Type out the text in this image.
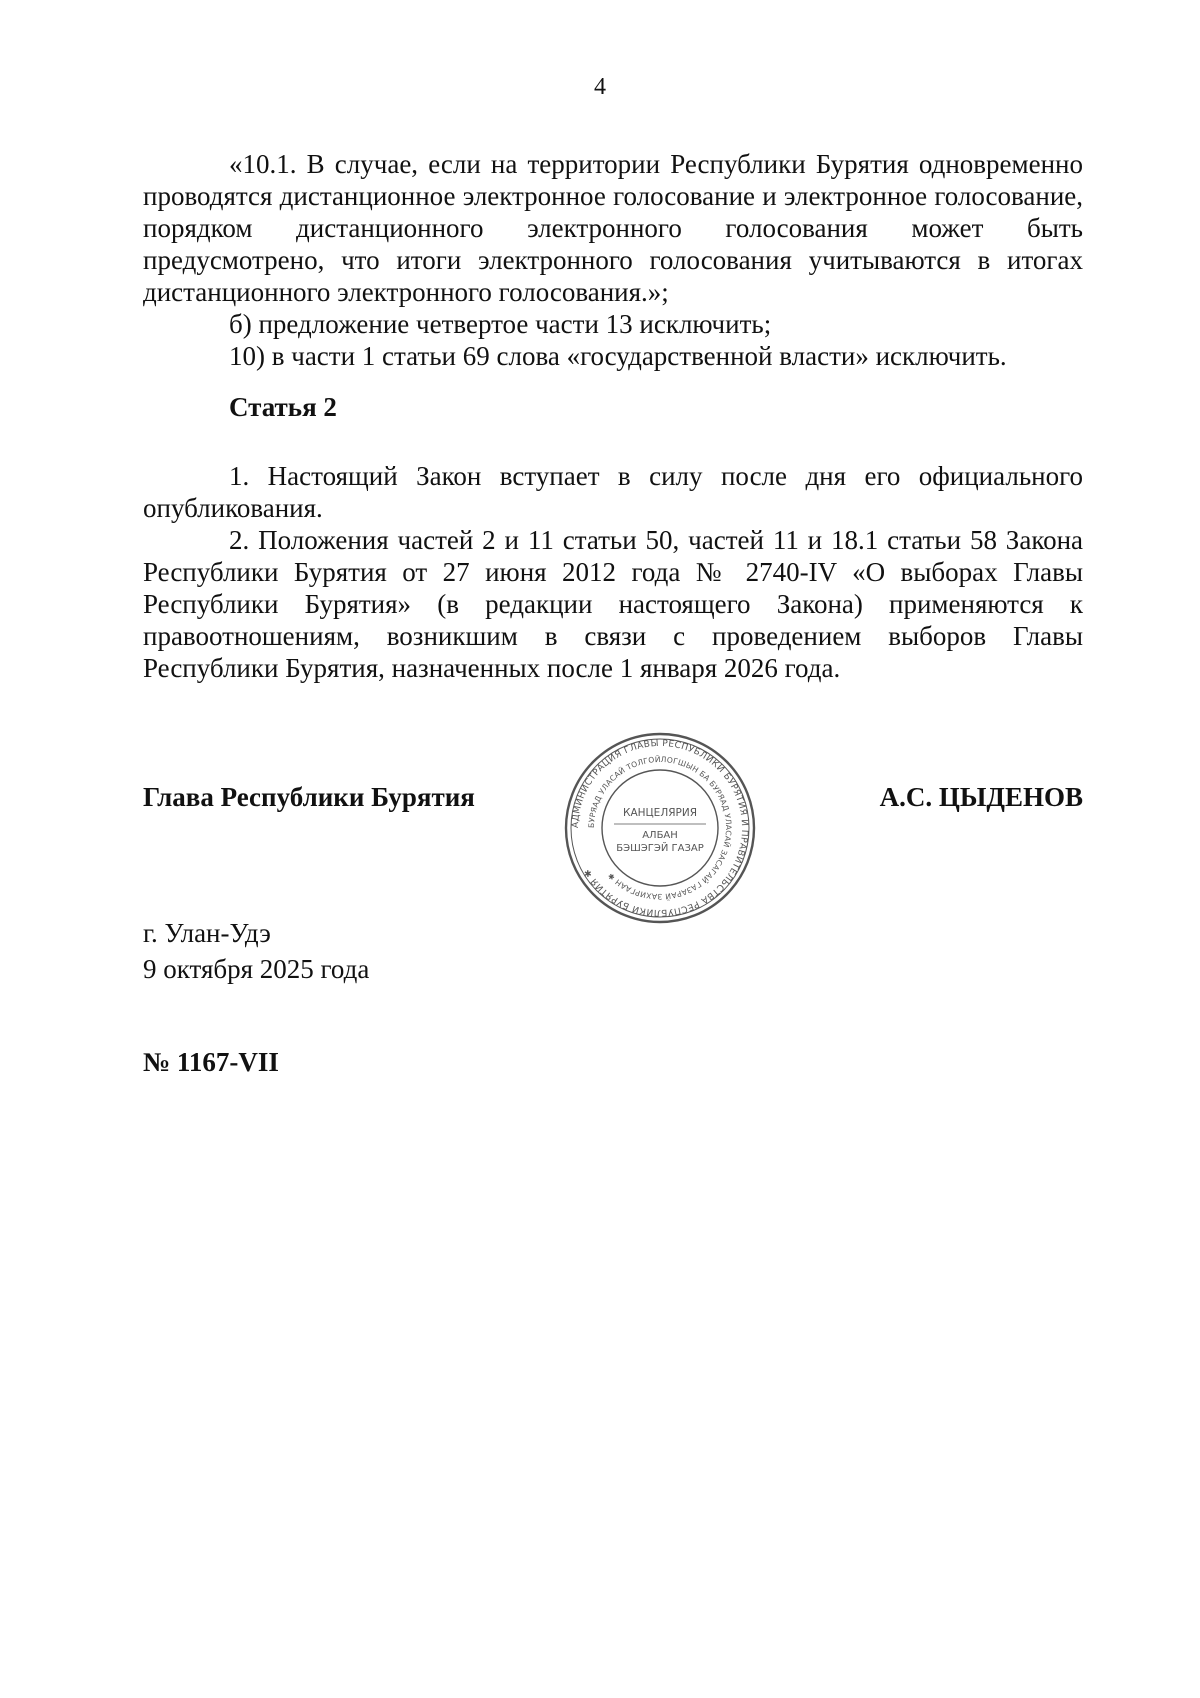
4

«10.1. В случае, если на территории Республики Бурятия одновременно проводятся дистанционное электронное голосование и электронное голосование, порядком дистанционного электронного голосования может быть предусмотрено, что итоги электронного голосования учитываются в итогах дистанционного электронного голосования.»;

б) предложение четвертое части 13 исключить;

10) в части 1 статьи 69 слова «государственной власти» исключить.

Статья 2

1. Настоящий Закон вступает в силу после дня его официального опубликования.

2. Положения частей 2 и 11 статьи 50, частей 11 и 18.1 статьи 58 Закона Республики Бурятия от 27 июня 2012 года № 2740-IV «О выборах Главы Республики Бурятия» (в редакции настоящего Закона) применяются к правоотношениям, возникшим в связи с проведением выборов Главы Республики Бурятия, назначенных после 1 января 2026 года.

Глава Республики Бурятия
АДМИНИСТРАЦИЯ ГЛАВЫ РЕСПУБЛИКИ БУРЯТИЯ И ПРАВИТЕЛЬСТВА РЕСПУБЛИКИ БУРЯТИЯ ✱
БУРЯАД УЛАСАЙ ТОЛГОЙЛОГШЫН БА БУРЯАД УЛАСАЙ ЗАСАГАЙ ГАЗАРАЙ ЗАХИРГААН ✱
КАНЦЕЛЯРИЯ
АЛБАН
БЭШЭГЭЙ ГАЗАР
А.С. ЦЫДЕНОВ
г. Улан-Удэ
9 октября 2025 года
№ 1167-VII
